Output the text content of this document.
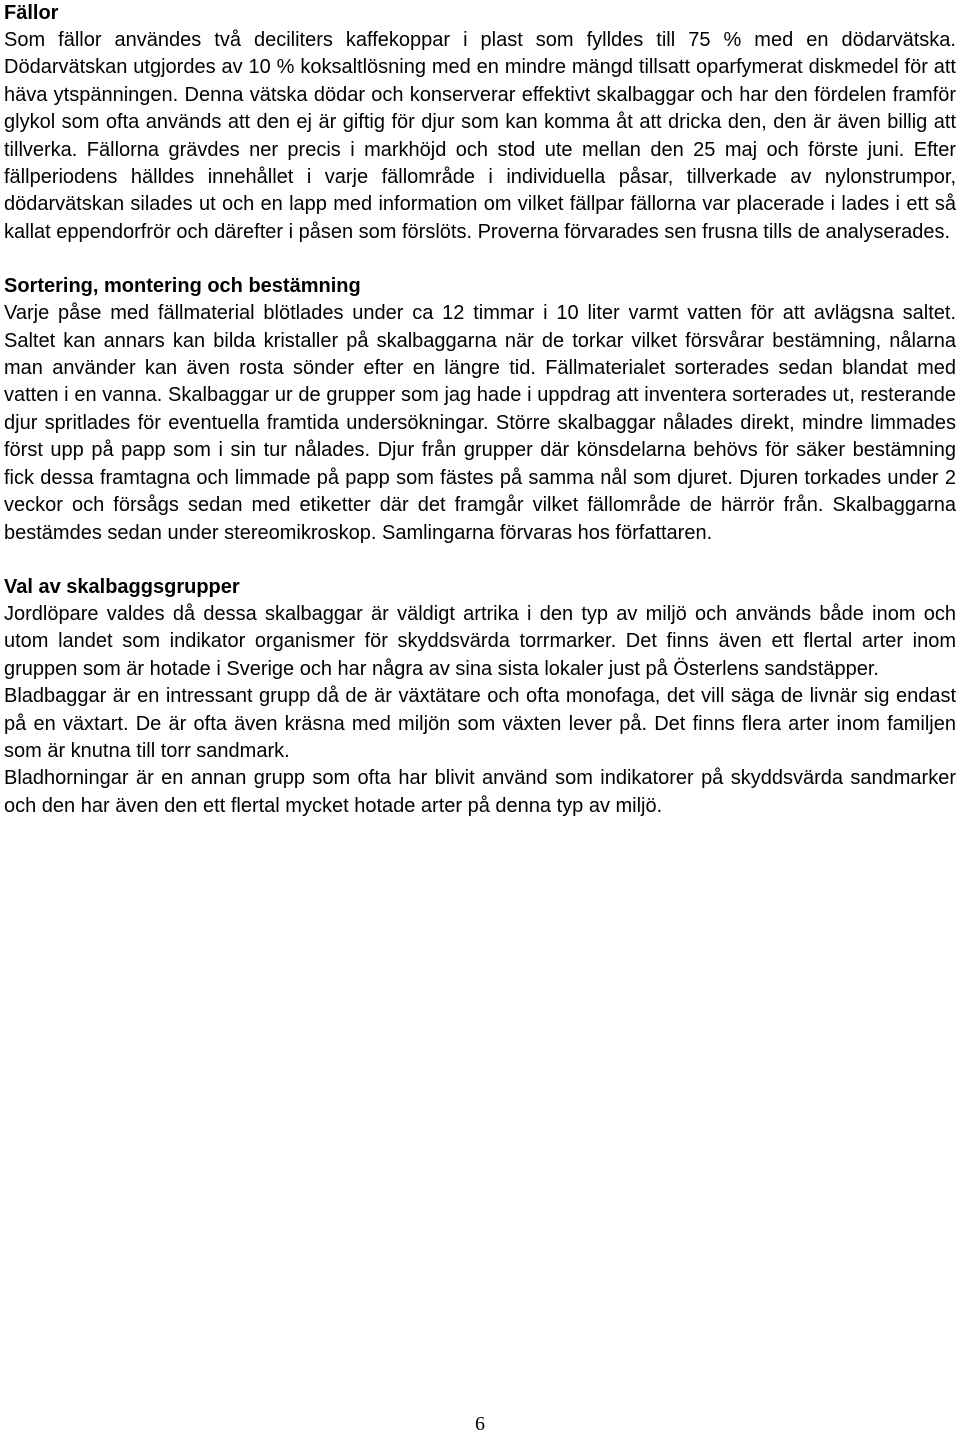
Fällor

Som fällor användes två deciliters kaffekoppar i plast som fylldes till 75 % med en dödarvätska. Dödarvätskan utgjordes av 10 % koksaltlösning med en mindre mängd tillsatt oparfymerat diskmedel för att häva ytspänningen. Denna vätska dödar och konserverar effektivt skalbaggar och har den fördelen framför glykol som ofta används att den ej är giftig för djur som kan komma åt att dricka den, den är även billig att tillverka. Fällorna grävdes ner precis i markhöjd och stod ute mellan den 25 maj och förste juni. Efter fällperiodens hälldes innehållet i varje fällområde i individuella påsar, tillverkade av nylonstrumpor, dödarvätskan silades ut och en lapp med information om vilket fällpar fällorna var placerade i lades i ett så kallat eppendorfrör och därefter i påsen som förslöts. Proverna förvarades sen frusna tills de analyserades.

Sortering, montering och bestämning

Varje påse med fällmaterial blötlades under ca 12 timmar i 10 liter varmt vatten för att avlägsna saltet. Saltet kan annars kan bilda kristaller på skalbaggarna när de torkar vilket försvårar bestämning, nålarna man använder kan även rosta sönder efter en längre tid. Fällmaterialet sorterades sedan blandat med vatten i en vanna. Skalbaggar ur de grupper som jag hade i uppdrag att inventera sorterades ut, resterande djur spritlades för eventuella framtida undersökningar. Större skalbaggar nålades direkt, mindre limmades först upp på papp som i sin tur nålades. Djur från grupper där könsdelarna behövs för säker bestämning fick dessa framtagna och limmade på papp som fästes på samma nål som djuret. Djuren torkades under 2 veckor och försågs sedan med etiketter där det framgår vilket fällområde de härrör från. Skalbaggarna bestämdes sedan under stereomikroskop. Samlingarna förvaras hos författaren.

Val av skalbaggsgrupper

Jordlöpare valdes då dessa skalbaggar är väldigt artrika i den typ av miljö och används både inom och utom landet som indikator organismer för skyddsvärda torrmarker. Det finns även ett flertal arter inom gruppen som är hotade i Sverige och har några av sina sista lokaler just på Österlens sandstäpper.

Bladbaggar är en intressant grupp då de är växtätare och ofta monofaga, det vill säga de livnär sig endast på en växtart. De är ofta även kräsna med miljön som växten lever på. Det finns flera arter inom familjen som är knutna till torr sandmark.

Bladhorningar är en annan grupp som ofta har blivit använd som indikatorer på skyddsvärda sandmarker och den har även den ett flertal mycket hotade arter på denna typ av miljö.

6
